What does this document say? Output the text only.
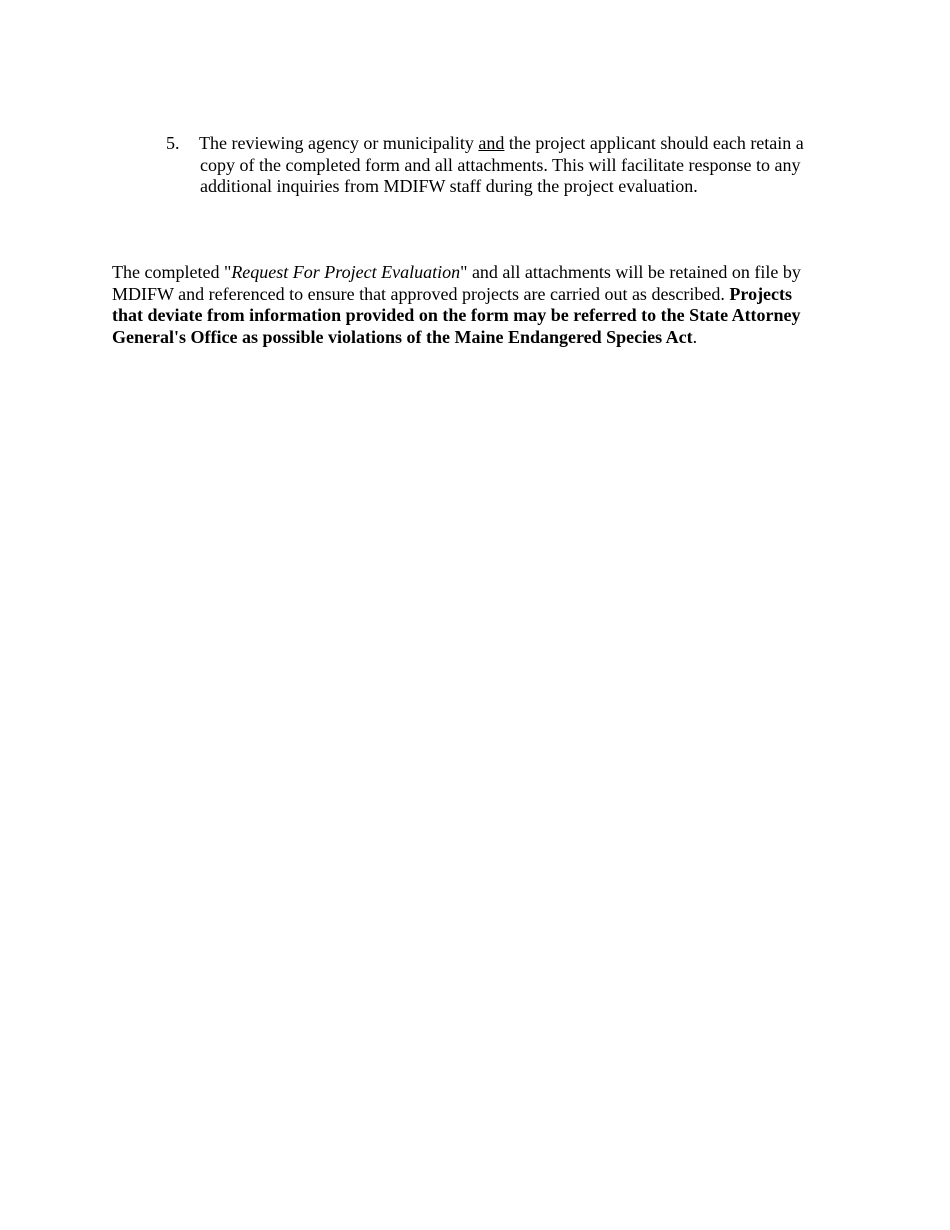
5.	The reviewing agency or municipality and the project applicant should each retain a
copy of the completed form and all attachments. This will facilitate response to any
additional inquiries from MDIFW staff during the project evaluation.
The completed "Request For Project Evaluation" and all attachments will be retained on file by
MDIFW and referenced to ensure that approved projects are carried out as described. Projects
that deviate from information provided on the form may be referred to the State Attorney
General's Office as possible violations of the Maine Endangered Species Act.
